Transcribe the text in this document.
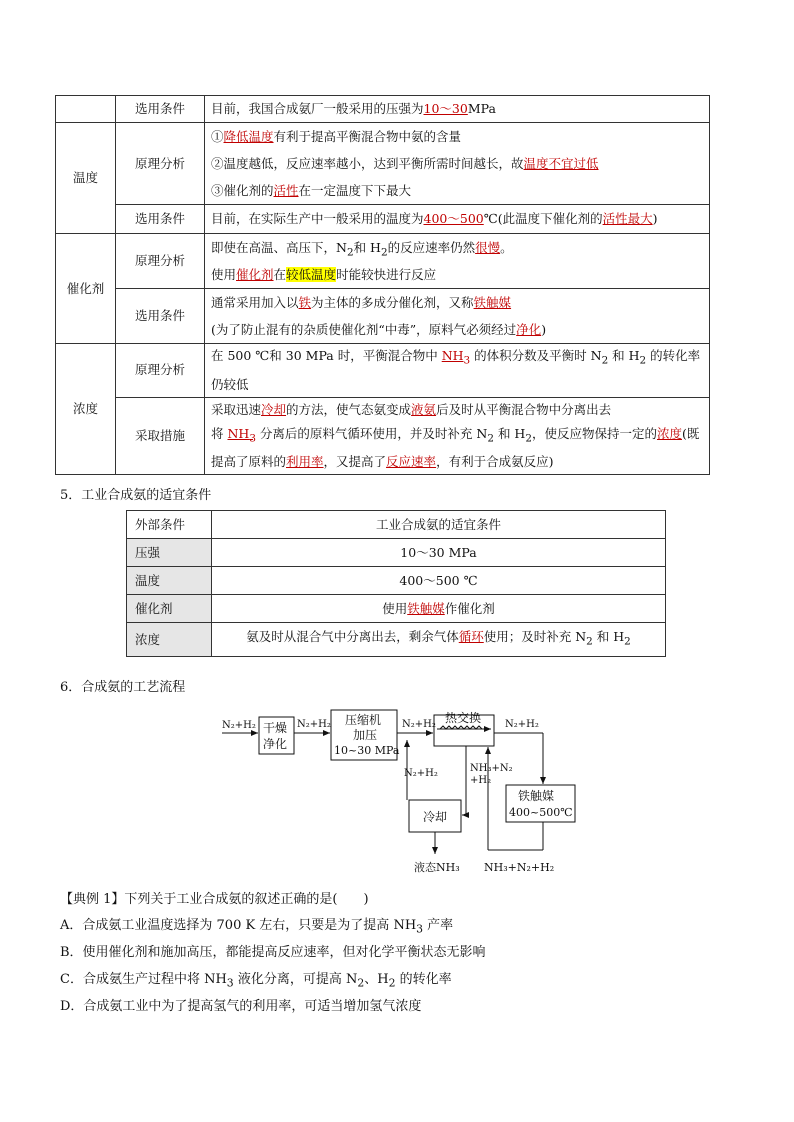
	选用条件	目前，我国合成氨厂一般采用的压强为10～30MPa
温度	原理分析	①降低温度有利于提高平衡混合物中氨的含量
②温度越低，反应速率越小，达到平衡所需时间越长，故温度不宜过低
③催化剂的活性在一定温度下下最大

	选用条件	目前，在实际生产中一般采用的温度为400～500℃(此温度下催化剂的活性最大)
催化剂	原理分析	即使在高温、高压下，$N_2$和 $H_2$的反应速率仍然很慢。
使用催化剂在较低温度时能较快进行反应

	选用条件	通常采用加入以铁为主体的多成分催化剂，又称铁触媒
(为了防止混有的杂质使催化剂“中毒”，原料气必须经过净化)

浓度	原理分析	在 500 ℃和 30 MPa 时，平衡混合物中 $NH_3$ 的体积分数及平衡时 $N_2$ 和 $H_2$ 的转化率
仍较低

	采取措施	采取迅速冷却的方法，使气态氨变成液氨后及时从平衡混合物中分离出去
将 $NH_3$ 分离后的原料气循环使用，并及时补充 $N_2$ 和 $H_2$，使反应物保持一定的浓度(既
提高了原料的利用率，又提高了反应速率，有利于合成氨反应)
5．工业合成氨的适宜条件
外部条件	工业合成氨的适宜条件
压强	10～30 MPa
温度	400～500 ℃
催化剂	使用铁触媒作催化剂
浓度	氨及时从混合气中分离出去，剩余气体循环使用；及时补充 $N_2$ 和 $H_2$
6．合成氨的工艺流程
N₂+H₂ 干燥
净化
N₂+H₂ 压缩机
加压
10~30 MPa
N₂+H₂ 热交换 N₂+H₂
铁触媒
400~500℃
N₂+H₂	NH₃+N₂
+H₂
冷却
液态NH₃ NH₃+N₂+H₂
【典例 1】下列关于工业合成氨的叙述正确的是(　　)
A．合成氨工业温度选择为 700 K 左右，只要是为了提高 $NH_3$ 产率
B．使用催化剂和施加高压，都能提高反应速率，但对化学平衡状态无影响
C．合成氨生产过程中将 $NH_3$ 液化分离，可提高 $N_2$、$H_2$ 的转化率
D．合成氨工业中为了提高氢气的利用率，可适当增加氢气浓度
